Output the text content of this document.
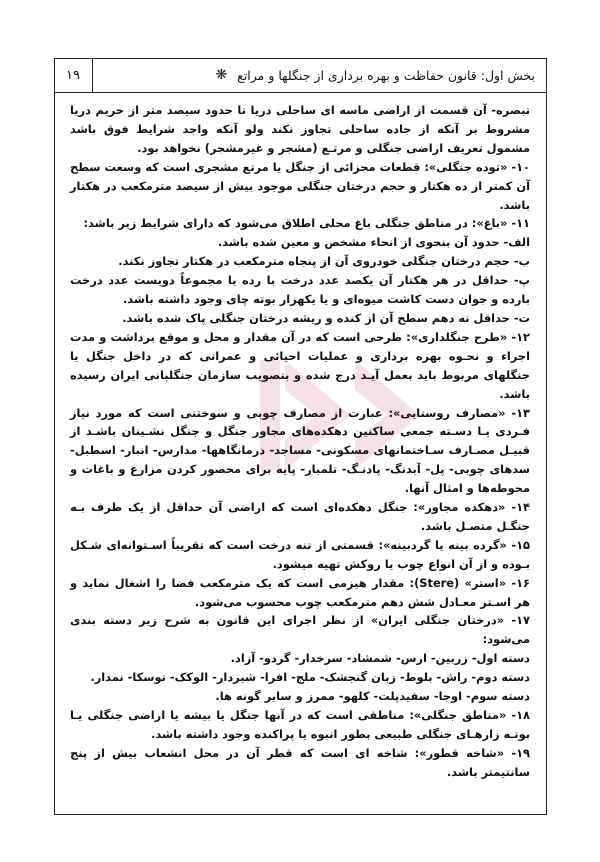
بخش اول: قانون حفاظت و بهره برداری از جنگلها و مراتع
❋
۱۹

تبصره- آن قسمت از اراضی ماسه ای ساحلی دریا تا حدود سیصد متر از حریم دریا مشروط بر آنکه از جاده ساحلی تجاوز نکند ولو آنکه واجد شرایط فوق باشد مشمول تعریف اراضی جنگلی و مرتـع (مشجر و غیرمشجر) نخواهد بود.

۱۰- «توده جنگلی»: قطعات مجزائی از جنگل یا مرتع مشجری است که وسعت سطح آن کمتر از ده هکتار و حجم درختان جنگلی موجود بیش از سیصد مترمکعب در هکتار باشد.

۱۱- «باغ»: در مناطق جنگلی باغ محلی اطلاق می‌شود که دارای شرایط زیر باشد:

الف- حدود آن بنحوی از انحاء مشخص و معین شده باشد.

ب- حجم درختان جنگلی خودروی آن از پنجاه مترمکعب در هکتار تجاوز نکند.

پ- حداقل در هر هکتار آن یکصد عدد درخت با رده یا مجموعاً دویست عدد درخت بارده و جوان دست کاشت میوه‌ای و یا یکهزار بوته چای وجود داشته باشد.

ت- حداقل نه دهم سطح آن از کنده و ریشه درختان جنگلی پاک شده باشد.

۱۲- «طرح جنگلداری»: طرحی است که در آن مقدار و محل و موقع برداشت و مدت اجراء و نحـوه بهره برداری و عملیات احیائی و عمرانی که در داخل جنگل یا جنگلهای مربوط باید بعمل آیـد درج شده و بتصویب سازمان جنگلبانی ایران رسیده باشد.

۱۳- «مصارف روستایی»: عبارت از مصارف چوبی و سوختنی است که مورد نیاز فـردی یـا دسـته جمعی ساکنین دهکده‌های مجاور جنگل و جنگل نشـینان باشـد از قبیـل مصـارف سـاختمانهای مسکونی- مساجد- درمانگاهها- مدارس- انبار- اسطبل- سدهای چوبی- پل- آبدنگ- پادنـگ- تلمبار- پایه برای محصور کردن مزارع و باغات و محوطه‌ها و امثال آنها.

۱۴- «دهکده مجاور»: جنگل دهکده‌ای است که اراضی آن حداقل از یک طرف بـه جنگـل متصـل باشد.

۱۵- «گرده بینه یا گردبینه»: قسمتی از تنه درخت است که تقریباً اسـتوانه‌ای شـکل بـوده و از آن انواع چوب یا روکش تهیه میشود.

۱۶- «استر» (Stere): مقدار هیزمی است که یک مترمکعب فضا را اشغال نماید و هر اسـتر معـادل شش دهم مترمکعب چوب محسوب می‌شود.

۱۷- «درختان جنگلی ایران» از نظر اجرای این قانون به شرح زیر دسته بندی می‌شود:

دسته اول- زربین- ارس- شمشاد- سرخدار- گردو- آزاد.

دسته دوم- راش- بلوط- زبان گنجشک- ملج- افرا- شیردار- الوکک- توسکا- نمدار.

دسته سوم- اوجا- سفیدپلت- کلهو- ممرز و سایر گونه ها.

۱۸- «مناطق جنگلی»: مناطقی است که در آنها جنگل یا بیشه یا اراضی جنگلی یـا بوتـه زارهـای جنگلی طبیعی بطور انبوه یا پراکنده وجود داشته باشد.

۱۹- «شاخه قطور»: شاخه ای است که قطر آن در محل انشعاب بیش از پنج سانتیمتر باشد.
